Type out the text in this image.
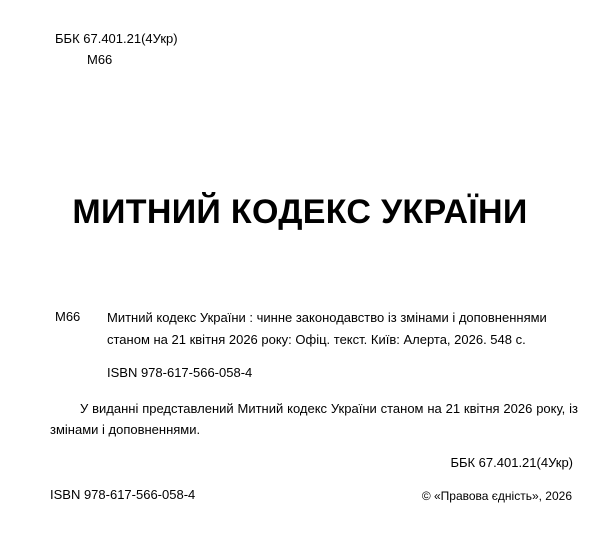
ББК 67.401.21(4Укр)
М66
МИТНИЙ КОДЕКС УКРАЇНИ
М66 Митний кодекс України : чинне законодавство із змінами і доповненнями станом на 21 квітня 2026 року: Офіц. текст. Київ: Алерта, 2026. 548 с.
ISBN 978-617-566-058-4
У виданні представлений Митний кодекс України станом на 21 квітня 2026 року, із змінами і доповненнями.
ББК 67.401.21(4Укр)
ISBN 978-617-566-058-4	© «Правова єдність», 2026
